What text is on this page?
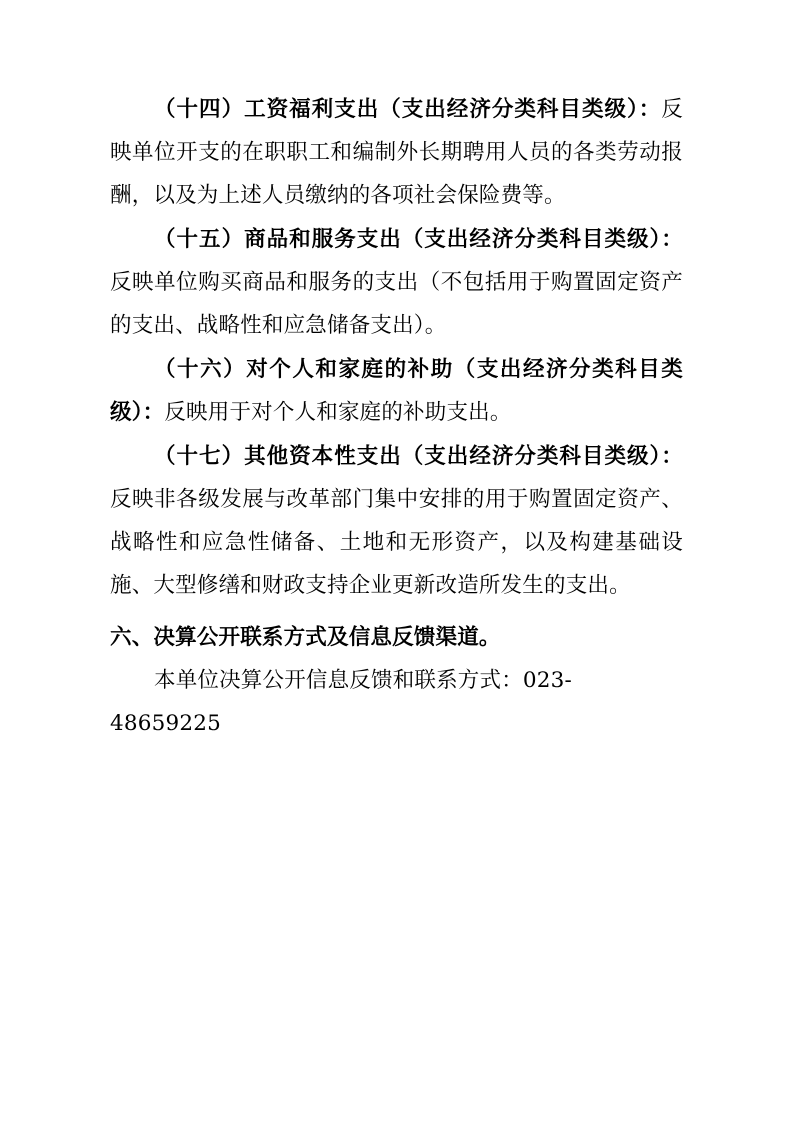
（十四）工资福利支出（支出经济分类科目类级）：反映单位开支的在职职工和编制外长期聘用人员的各类劳动报酬，以及为上述人员缴纳的各项社会保险费等。

（十五）商品和服务支出（支出经济分类科目类级）：反映单位购买商品和服务的支出（不包括用于购置固定资产的支出、战略性和应急储备支出）。

（十六）对个人和家庭的补助（支出经济分类科目类级）：反映用于对个人和家庭的补助支出。

（十七）其他资本性支出（支出经济分类科目类级）：反映非各级发展与改革部门集中安排的用于购置固定资产、战略性和应急性储备、土地和无形资产，以及构建基础设施、大型修缮和财政支持企业更新改造所发生的支出。

六、决算公开联系方式及信息反馈渠道。

本单位决算公开信息反馈和联系方式：023-48659225
